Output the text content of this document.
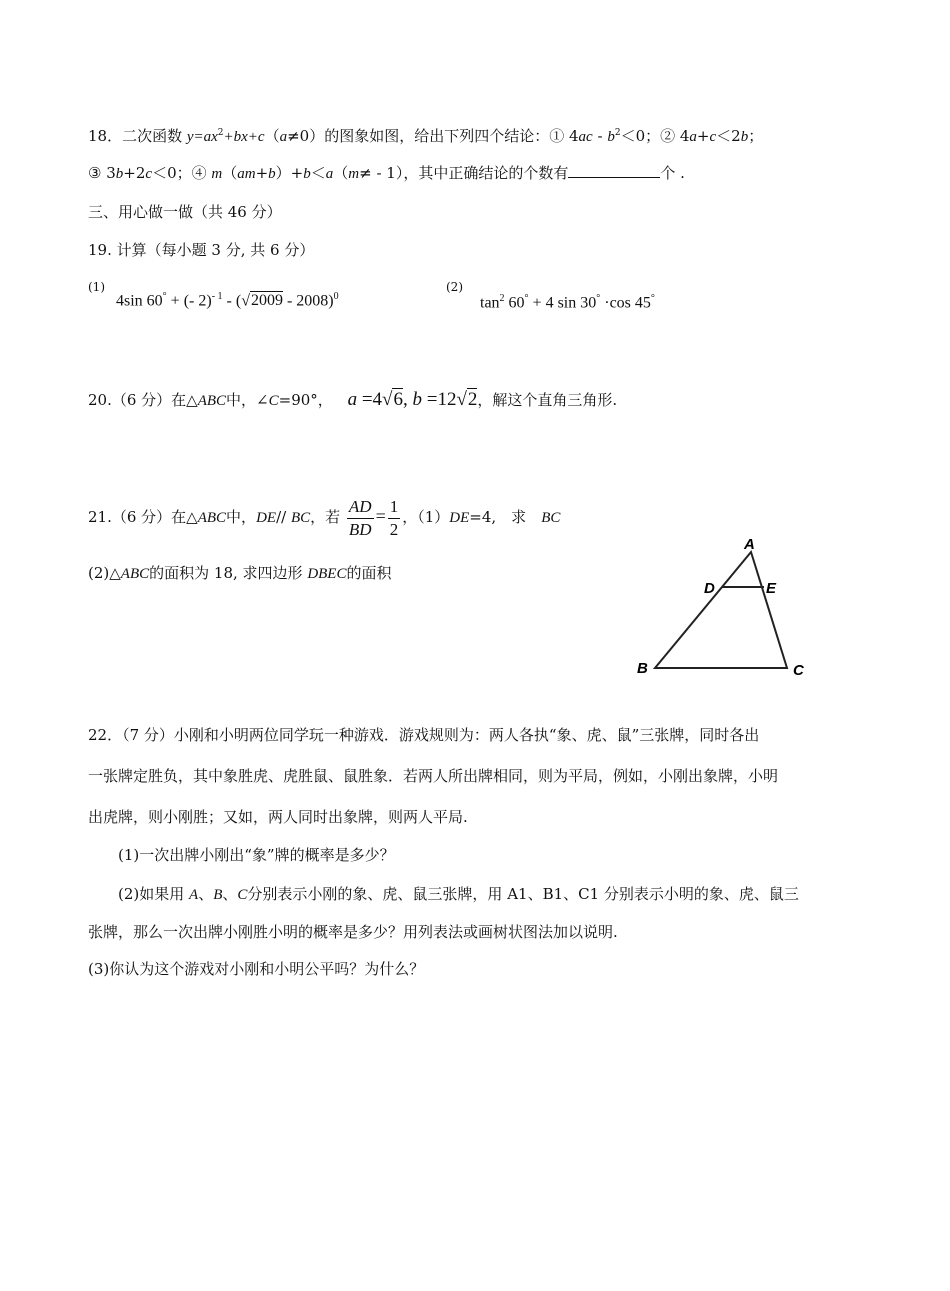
18．二次函数 $y=ax^2+bx+c(a\ne 0)$的图象如图，给出下列四个结论：① $4ac - b^2<0$；② 4a+c＜2b；
③ 3b+2c＜0；④ m（am+b）+b＜a（m≠ - 1），其中正确结论的个数有	个 .
三、用心做一做（共 46 分）
19. 计算（每小题 3 分, 共 6 分）
(1)
4sin 60° + (- 2)$^{- 1}$ - (√2009 - 2008)$^0$
(2)
$\tan^2 60^\circ + 4$ sin 30° ·cos 45°
20.（6 分）在△ABC中，∠C=90°， a =4√6, b =12√2，解这个直角三角形.
21.（6 分）在△ABC中，DE// BC，若 $\frac{AD}{BD} = \frac{1}{2}$ ，（1）DE=4,　求　BC
(2)△ABC的面积为 18, 求四边形 DBEC的面积
A
D	E
B	C
22．（7 分）小刚和小明两位同学玩一种游戏．游戏规则为：两人各执“象、虎、鼠”三张牌，同时各出
一张牌定胜负，其中象胜虎、虎胜鼠、鼠胜象．若两人所出牌相同，则为平局，例如，小刚出象牌，小明
出虎牌，则小刚胜；又如，两人同时出象牌，则两人平局.
(1)一次出牌小刚出“象”牌的概率是多少？
(2)如果用 A、B、C分别表示小刚的象、虎、鼠三张牌，用 A1、B1、C1 分别表示小明的象、虎、鼠三
张牌，那么一次出牌小刚胜小明的概率是多少？用列表法或画树状图法加以说明.
(3)你认为这个游戏对小刚和小明公平吗？为什么？
